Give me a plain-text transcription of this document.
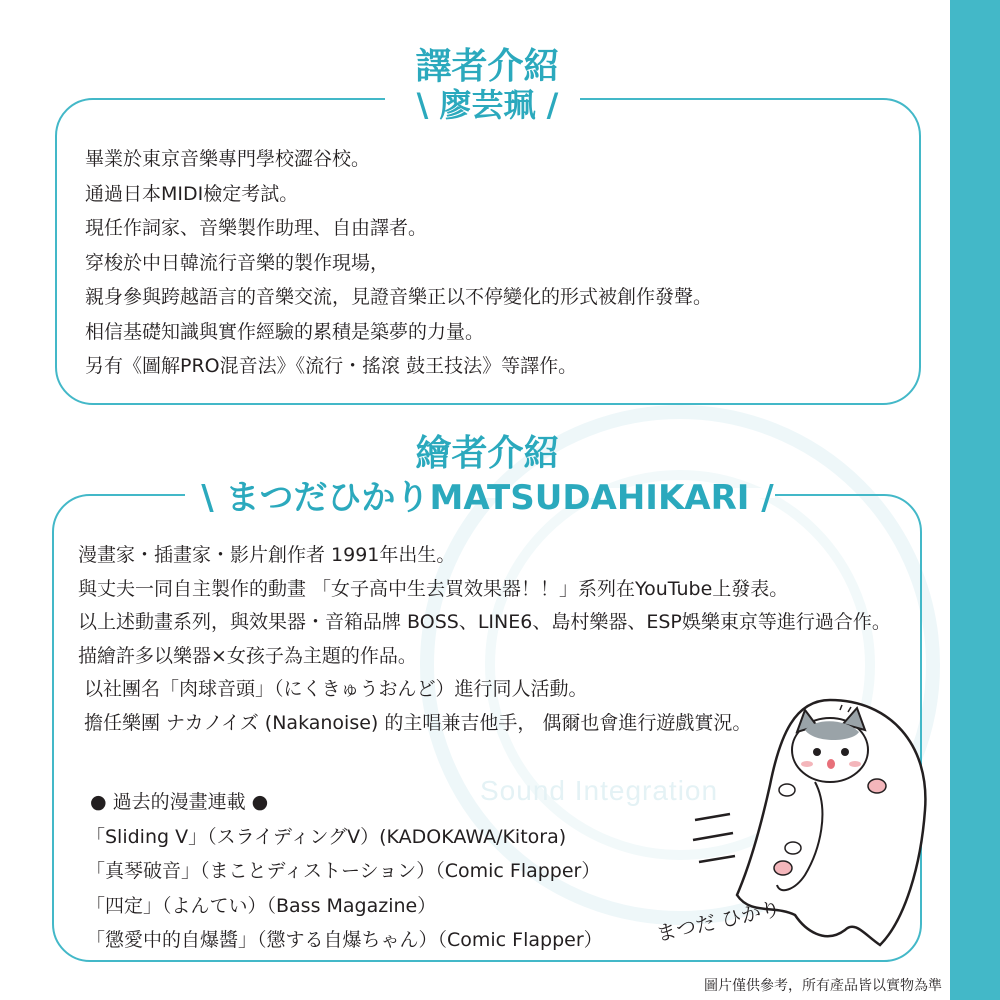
Sound Integration
譯者介紹
\ 廖芸珮 /
畢業於東京音樂專門學校澀谷校。
通過日本MIDI檢定考試。
現任作詞家、音樂製作助理、自由譯者。
穿梭於中日韓流行音樂的製作現場，
親身參與跨越語言的音樂交流，見證音樂正以不停變化的形式被創作發聲。
相信基礎知識與實作經驗的累積是築夢的力量。
另有《圖解PRO混音法》《流行・搖滾 鼓王技法》等譯作。
繪者介紹
\ まつだひかりMATSUDAHIKARI /
漫畫家・插畫家・影片創作者 1991年出生。
與丈夫一同自主製作的動畫 「女子高中生去買效果器！！」系列在YouTube上發表。
以上述動畫系列，與效果器・音箱品牌 BOSS、LINE6、島村樂器、ESP娛樂東京等進行過合作。
描繪許多以樂器×女孩子為主題的作品。
以社團名「肉球音頭」（にくきゅうおんど）進行同人活動。
擔任樂團 ナカノイズ (Nakanoise) 的主唱兼吉他手， 偶爾也會進行遊戲實況。
● 過去的漫畫連載 ●
「Sliding V」（スライディングV）(KADOKAWA/Kitora)
「真琴破音」（まことディストーション）（Comic Flapper）
「四定」（よんてい）（Bass Magazine）
「懲愛中的自爆醬」（懲する自爆ちゃん）（Comic Flapper）	まつだ ひかり
圖片僅供參考，所有產品皆以實物為準
